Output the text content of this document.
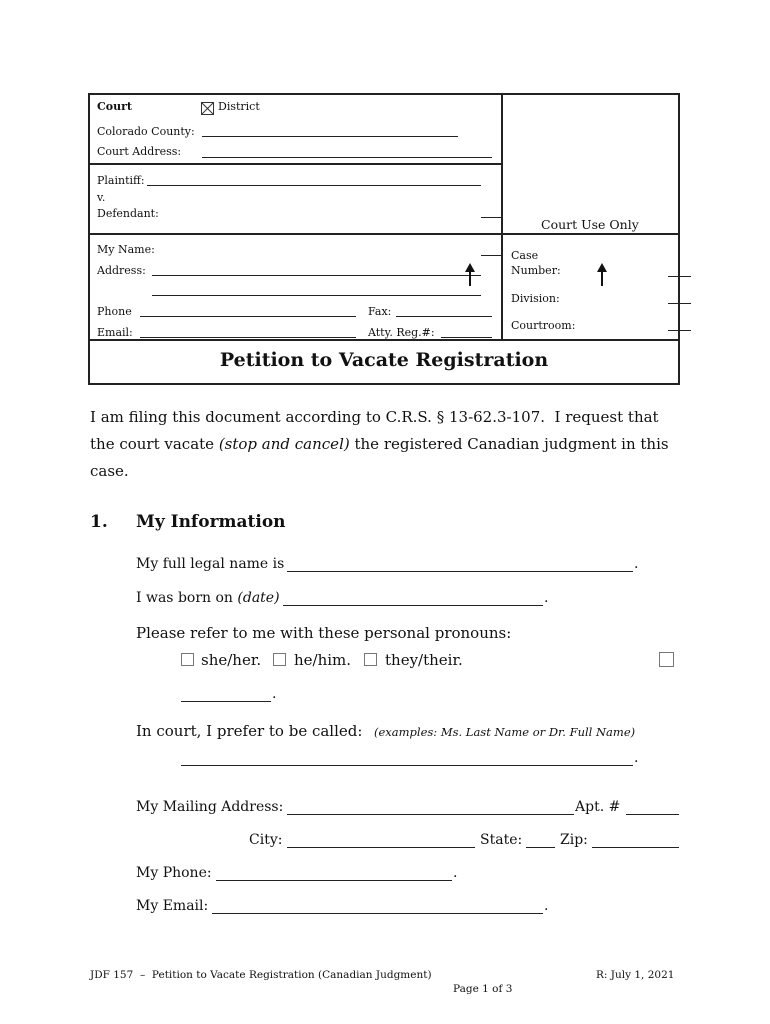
Court	District
Colorado County:
Court Address:
Plaintiff:
v.
Defendant:
Court Use Only
My Name:
Address:
Phone	Fax:
Email:	Atty. Reg.#:
Case
Number:
Division:
Courtroom:
Petition to Vacate Registration
I am filing this document according to C.R.S. § 13-62.3-107.  I request that
the court vacate (stop and cancel) the registered Canadian judgment in this
case.
1. My Information
My full legal name is	.
I was born on (date)	.
Please refer to me with these personal pronouns:
she/her. he/him. they/their.
.
In court, I prefer to be called: (examples: Ms. Last Name or Dr. Full Name)
.
My Mailing Address:	Apt. #
City:	State:	Zip:
My Phone:	.
My Email:	.
JDF 157  –  Petition to Vacate Registration (Canadian Judgment)	R: July 1, 2021
Page 1 of 3
